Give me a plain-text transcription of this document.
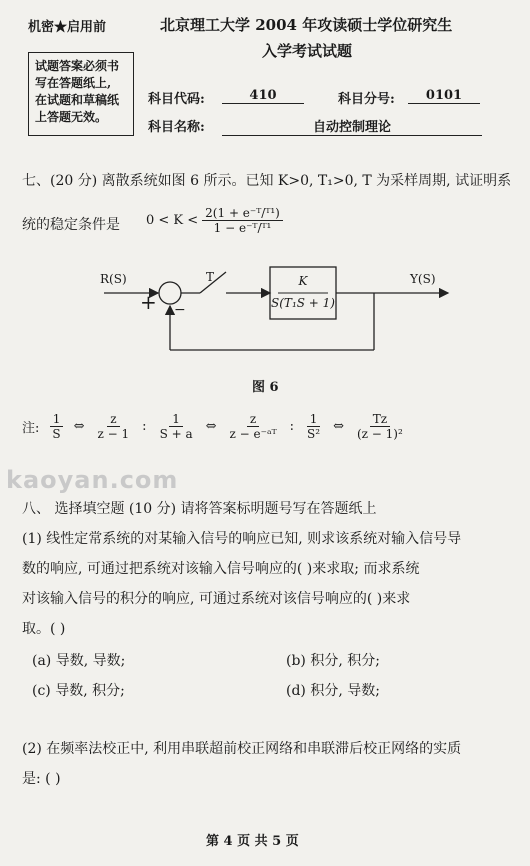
机密★启用前	北京理工大学 2004 年攻读硕士学位研究生
入学考试试题
试题答案必须书
写在答题纸上,
在试题和草稿纸
上答题无效。
科目代码:	410	科目分号:	0101
科目名称:	自动控制理论
七、(20 分) 离散系统如图 6 所示。已知 K>0, T₁>0, T 为采样周期, 试证明系
统的稳定条件是 $0 < K < \frac{\text{2(1 + e⁻ᵀ/ᵀ¹)}}{\text{1 − e⁻ᵀ/ᵀ¹}}$
R(S)	T
+ −
K
S(T₁S + 1)
Y(S)
图 6
注: $\frac{1}{S}$ ⇔ $\frac{z}{z - 1}$ : $\frac{1}{S + a}$ ⇔ $\frac{z}{\text{z − e⁻ᵃᵀ}}$ : $\frac{1}{\text{S²}}$ ⇔ $\frac{Tz}{\text{(z − 1)²}}$
kaoyan.com
八、 选择填空题 (10 分) 请将答案标明题号写在答题纸上
(1) 线性定常系统的对某输入信号的响应已知, 则求该系统对输入信号导
数的响应, 可通过把系统对该输入信号响应的( )来求取; 而求系统
对该输入信号的积分的响应, 可通过系统对该信号响应的( )来求
取。( )
(a) 导数, 导数;	(b) 积分, 积分;
(c) 导数, 积分;	(d) 积分, 导数;
(2) 在频率法校正中, 利用串联超前校正网络和串联滞后校正网络的实质
是: ( )
第 4 页 共 5 页
